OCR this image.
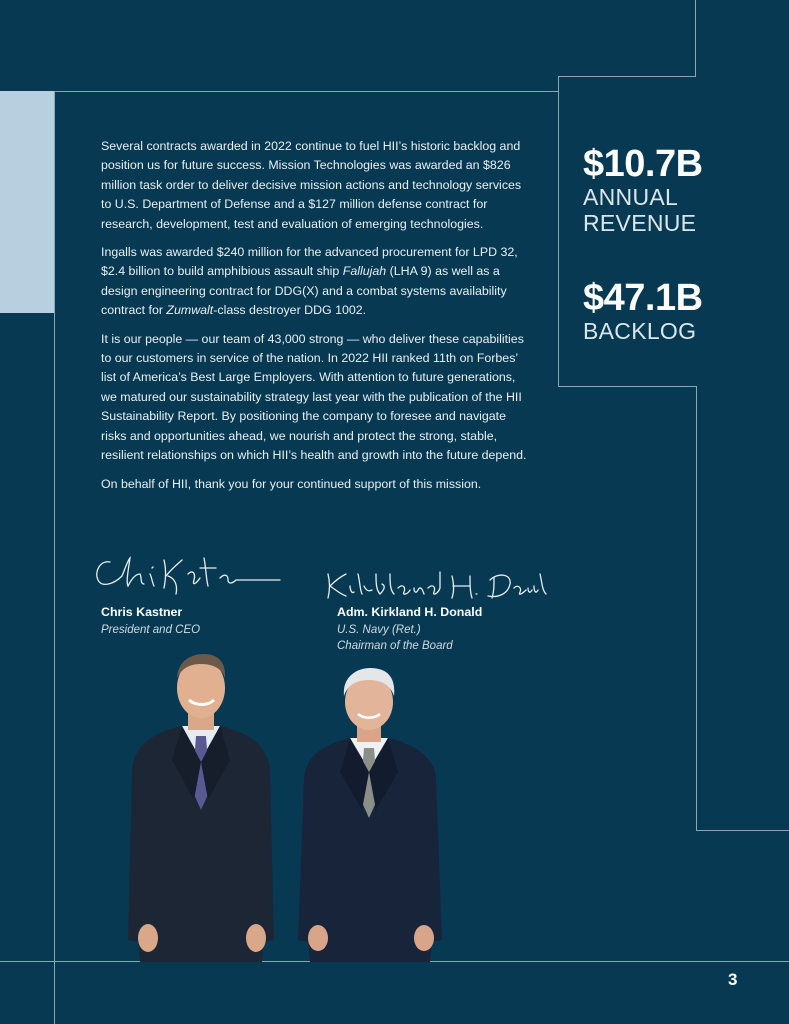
Several contracts awarded in 2022 continue to fuel HII’s historic backlog and position us for future success. Mission Technologies was awarded an $826 million task order to deliver decisive mission actions and technology services to U.S. Department of Defense and a $127 million defense contract for research, development, test and evaluation of emerging technologies.

Ingalls was awarded $240 million for the advanced procurement for LPD 32, $2.4 billion to build amphibious assault ship Fallujah (LHA 9) as well as a design engineering contract for DDG(X) and a combat systems availability contract for Zumwalt-class destroyer DDG 1002.

It is our people — our team of 43,000 strong — who deliver these capabilities to our customers in service of the nation. In 2022 HII ranked 11th on Forbes’ list of America’s Best Large Employers. With attention to future generations, we matured our sustainability strategy last year with the publication of the HII Sustainability Report. By positioning the company to foresee and navigate risks and opportunities ahead, we nourish and protect the strong, stable, resilient relationships on which HII’s health and growth into the future depend.

On behalf of HII, thank you for your continued support of this mission.

$10.7B
ANNUAL
REVENUE
$47.1B
BACKLOG
Chris Kastner
President and CEO
Adm. Kirkland H. Donald
U.S. Navy (Ret.)
Chairman of the Board
3
